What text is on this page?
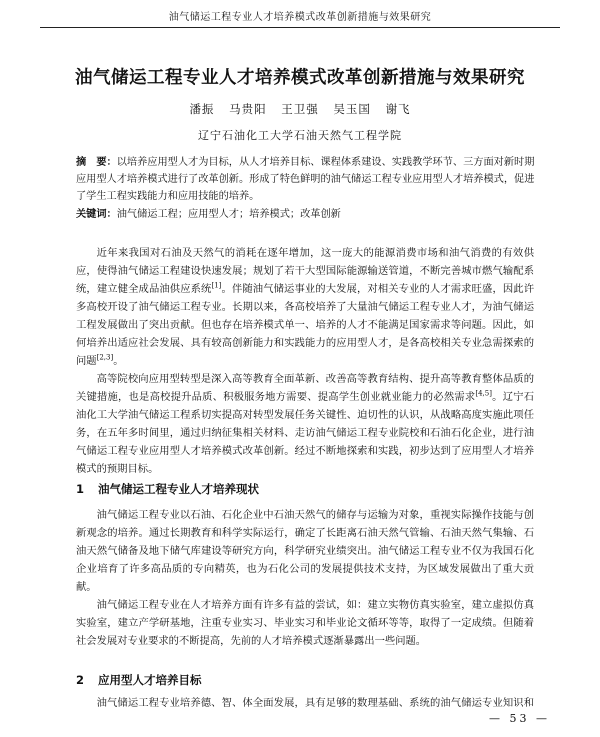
油气储运工程专业人才培养模式改革创新措施与效果研究
油气储运工程专业人才培养模式改革创新措施与效果研究
潘振 马贵阳 王卫强 吴玉国 谢飞
辽宁石油化工大学石油天然气工程学院
摘　要：以培养应用型人才为目标，从人才培养目标、课程体系建设、实践教学环节、三方面对新时期应用型人才培养模式进行了改革创新。形成了特色鲜明的油气储运工程专业应用型人才培养模式，促进了学生工程实践能力和应用技能的培养。
关键词：油气储运工程；应用型人才；培养模式；改革创新

近年来我国对石油及天然气的消耗在逐年增加，这一庞大的能源消费市场和油气消费的有效供应，使得油气储运工程建设快速发展；规划了若干大型国际能源输送管道，不断完善城市燃气输配系统，建立健全成品油供应系统[1]。伴随油气储运事业的大发展，对相关专业的人才需求旺盛，因此许多高校开设了油气储运工程专业。长期以来，各高校培养了大量油气储运工程专业人才，为油气储运工程发展做出了突出贡献。但也存在培养模式单一、培养的人才不能满足国家需求等问题。因此，如何培养出适应社会发展、具有较高创新能力和实践能力的应用型人才，是各高校相关专业急需探索的问题[2,3]。

高等院校向应用型转型是深入高等教育全面革新、改善高等教育结构、提升高等教育整体品质的关键措施，也是高校提升品质、积极服务地方需要、提高学生创业就业能力的必然需求[4,5]。辽宁石油化工大学油气储运工程系切实提高对转型发展任务关键性、迫切性的认识，从战略高度实施此项任务，在五年多时间里，通过归纳征集相关材料、走访油气储运工程专业院校和石油石化企业，进行油气储运工程专业应用型人才培养模式改革创新。经过不断地探索和实践，初步达到了应用型人才培养模式的预期目标。

1 油气储运工程专业人才培养现状

油气储运工程专业以石油、石化企业中石油天然气的储存与运输为对象，重视实际操作技能与创新观念的培养。通过长期教育和科学实际运行，确定了长距离石油天然气管输、石油天然气集输、石油天然气储备及地下储气库建设等研究方向，科学研究业绩突出。油气储运工程专业不仅为我国石化企业培育了许多高品质的专向精英，也为石化公司的发展提供技术支持，为区域发展做出了重大贡献。

油气储运工程专业在人才培养方面有许多有益的尝试，如：建立实物仿真实验室，建立虚拟仿真实验室，建立产学研基地，注重专业实习、毕业实习和毕业论文循环等等，取得了一定成绩。但随着社会发展对专业要求的不断提高，先前的人才培养模式逐渐暴露出一些问题。

2 应用型人才培养目标

油气储运工程专业培养德、智、体全面发展，具有足够的数理基础、系统的油气储运专业知识和

— 53 —
